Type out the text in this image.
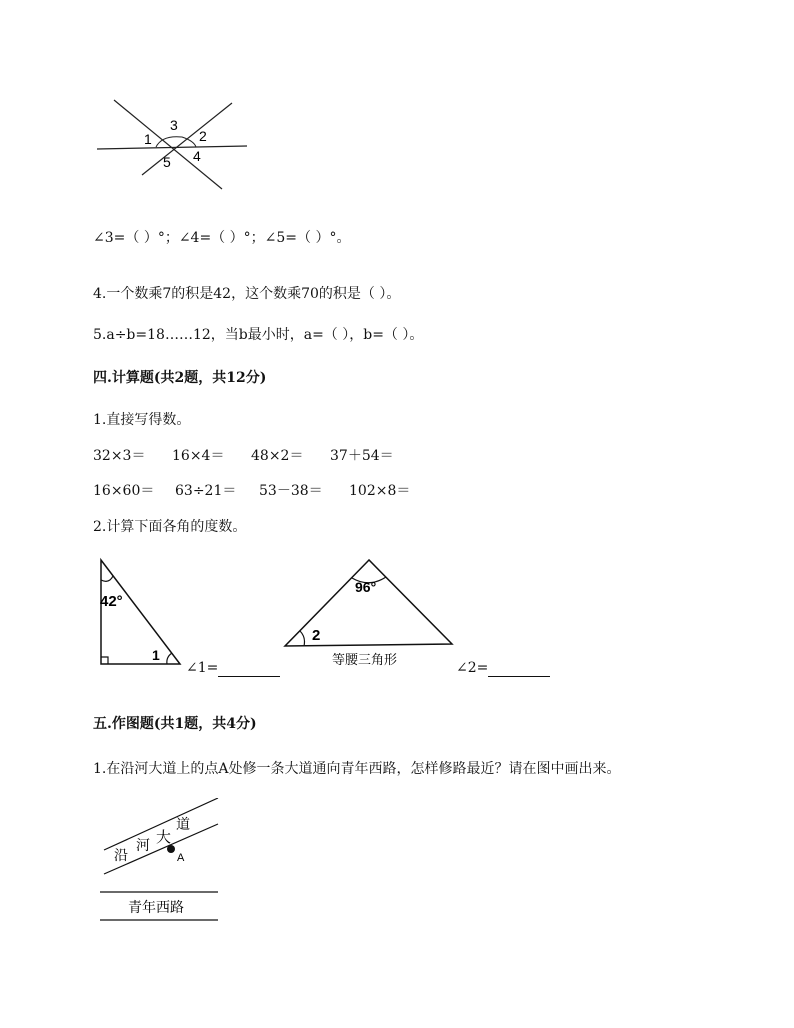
1
3
2
5 4
∠3=（ ）°；∠4=（ ）°；∠5=（ ）°。
4.一个数乘7的积是42，这个数乘70的积是（ ）。
5.a÷b=18……12，当b最小时，a=（ ），b=（ ）。
四.计算题(共2题，共12分)
1.直接写得数。
32×3＝ 16×4＝ 48×2＝ 37＋54＝
16×60＝ 63÷21＝ 53－38＝ 102×8＝
2.计算下面各角的度数。
42°
1
∠1=
96°
2
等腰三角形
∠2=
五.作图题(共1题，共4分)
1.在沿河大道上的点A处修一条大道通向青年西路，怎样修路最近？请在图中画出来。
沿
河 大
道
A
青年西路
